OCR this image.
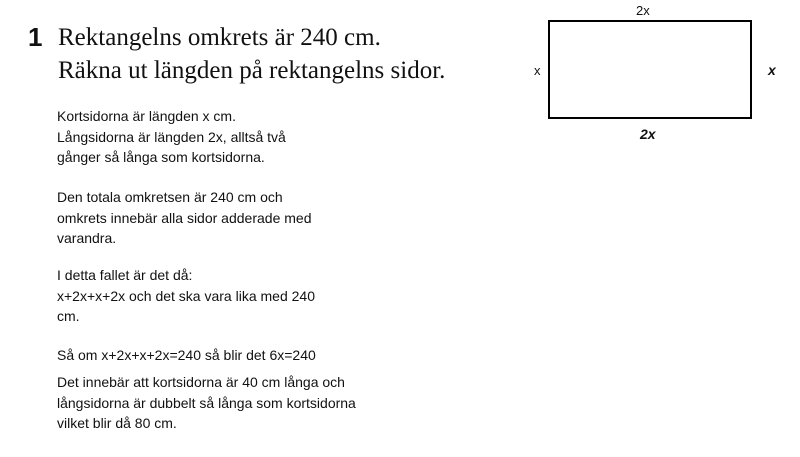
1 Rektangelns omkrets är 240 cm.
Räkna ut längden på rektangelns sidor.
2x
x	x
2x
Kortsidorna är längden x cm.
Långsidorna är längden 2x, alltså två
gånger så långa som kortsidorna.
Den totala omkretsen är 240 cm och
omkrets innebär alla sidor adderade med
varandra.
I detta fallet är det då:
x+2x+x+2x och det ska vara lika med 240
cm.
Så om x+2x+x+2x=240 så blir det 6x=240
Det innebär att kortsidorna är 40 cm långa och
långsidorna är dubbelt så långa som kortsidorna
vilket blir då 80 cm.
